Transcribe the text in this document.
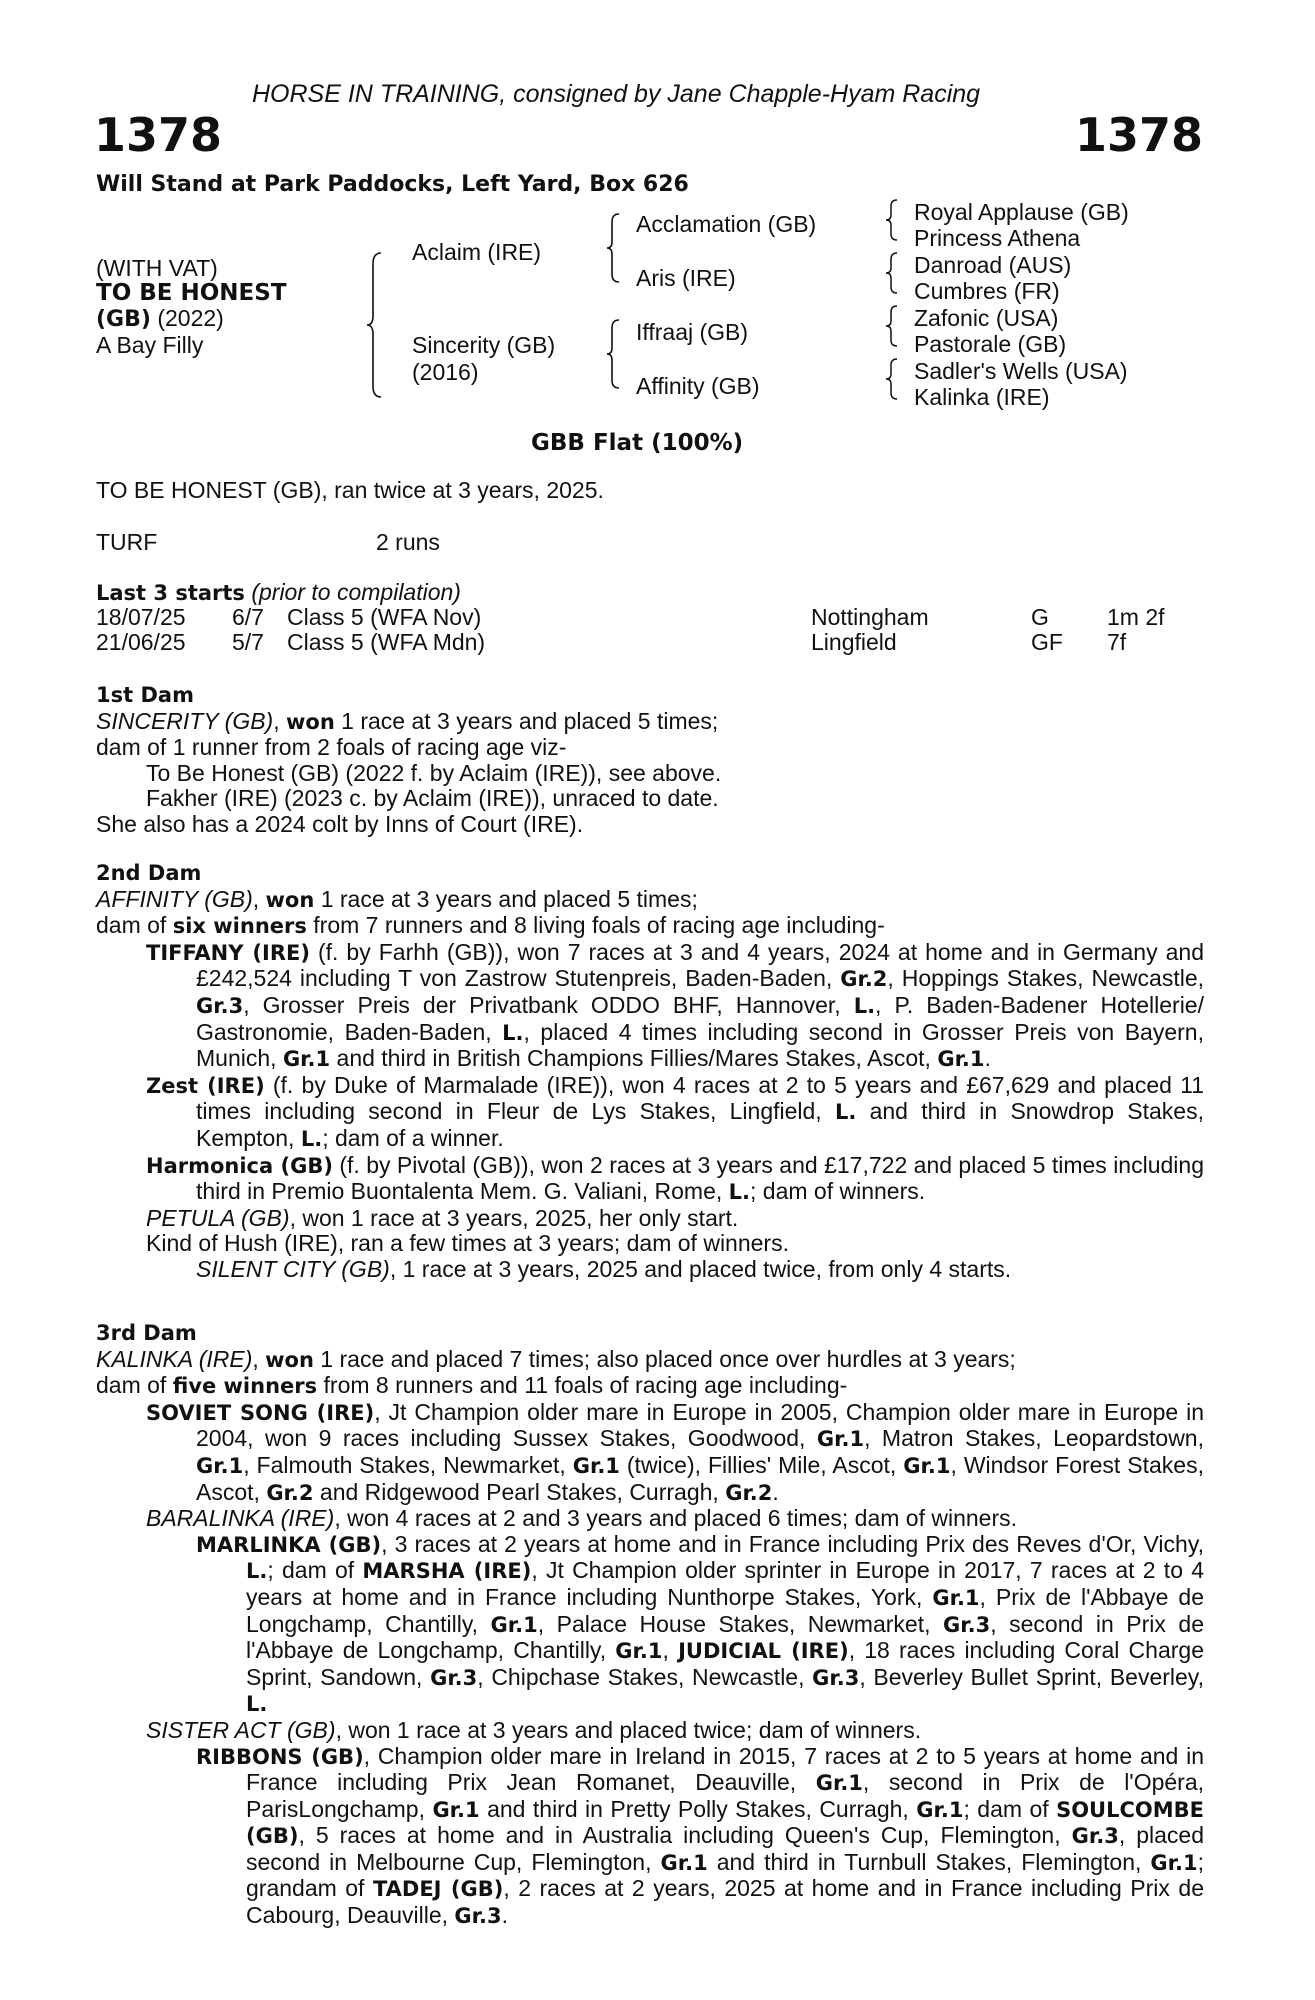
HORSE IN TRAINING, consigned by Jane Chapple-Hyam Racing
1378	1378
Will Stand at Park Paddocks, Left Yard, Box 626
(WITH VAT)
TO BE HONEST
(GB) (2022)
A Bay Filly
Aclaim (IRE)
Sincerity (GB)
(2016)
Acclamation (GB)
Aris (IRE)
Iffraaj (GB)
Affinity (GB)
Royal Applause (GB)
Princess Athena
Danroad (AUS)
Cumbres (FR)
Zafonic (USA)
Pastorale (GB)
Sadler's Wells (USA)
Kalinka (IRE)
GBB Flat (100%)
TO BE HONEST (GB), ran twice at 3 years, 2025.
TURF	2 runs
Last 3 starts (prior to compilation)
18/07/25 6/7 Class 5 (WFA Nov)	Nottingham	G	1m 2f
21/06/25 5/7 Class 5 (WFA Mdn)	Lingfield	GF 7f
1st Dam

SINCERITY (GB), won 1 race at 3 years and placed 5 times;

dam of 1 runner from 2 foals of racing age viz-

To Be Honest (GB) (2022 f. by Aclaim (IRE)), see above.

Fakher (IRE) (2023 c. by Aclaim (IRE)), unraced to date.

She also has a 2024 colt by Inns of Court (IRE).

2nd Dam

AFFINITY (GB), won 1 race at 3 years and placed 5 times;

dam of six winners from 7 runners and 8 living foals of racing age including-

TIFFANY (IRE) (f. by Farhh (GB)), won 7 races at 3 and 4 years, 2024 at home and in Germany and £242,524 including T von Zastrow Stutenpreis, Baden-Baden, Gr.2, Hoppings Stakes, Newcastle, Gr.3, Grosser Preis der Privatbank ODDO BHF, Hannover, L., P. Baden-Badener Hotellerie/ Gastronomie, Baden-Baden, L., placed 4 times including second in Grosser Preis von Bayern, Munich, Gr.1 and third in British Champions Fillies/Mares Stakes, Ascot, Gr.1.

Zest (IRE) (f. by Duke of Marmalade (IRE)), won 4 races at 2 to 5 years and £67,629 and placed 11 times including second in Fleur de Lys Stakes, Lingfield, L. and third in Snowdrop Stakes, Kempton, L.; dam of a winner.

Harmonica (GB) (f. by Pivotal (GB)), won 2 races at 3 years and £17,722 and placed 5 times including third in Premio Buontalenta Mem. G. Valiani, Rome, L.; dam of winners.

PETULA (GB), won 1 race at 3 years, 2025, her only start.

Kind of Hush (IRE), ran a few times at 3 years; dam of winners.

SILENT CITY (GB), 1 race at 3 years, 2025 and placed twice, from only 4 starts.

3rd Dam

KALINKA (IRE), won 1 race and placed 7 times; also placed once over hurdles at 3 years;

dam of five winners from 8 runners and 11 foals of racing age including-

SOVIET SONG (IRE), Jt Champion older mare in Europe in 2005, Champion older mare in Europe in 2004, won 9 races including Sussex Stakes, Goodwood, Gr.1, Matron Stakes, Leopardstown, Gr.1, Falmouth Stakes, Newmarket, Gr.1 (twice), Fillies' Mile, Ascot, Gr.1, Windsor Forest Stakes, Ascot, Gr.2 and Ridgewood Pearl Stakes, Curragh, Gr.2.

BARALINKA (IRE), won 4 races at 2 and 3 years and placed 6 times; dam of winners.

MARLINKA (GB), 3 races at 2 years at home and in France including Prix des Reves d'Or, Vichy, L.; dam of MARSHA (IRE), Jt Champion older sprinter in Europe in 2017, 7 races at 2 to 4 years at home and in France including Nunthorpe Stakes, York, Gr.1, Prix de l'Abbaye de Longchamp, Chantilly, Gr.1, Palace House Stakes, Newmarket, Gr.3, second in Prix de l'Abbaye de Longchamp, Chantilly, Gr.1, JUDICIAL (IRE), 18 races including Coral Charge Sprint, Sandown, Gr.3, Chipchase Stakes, Newcastle, Gr.3, Beverley Bullet Sprint, Beverley, L.

SISTER ACT (GB), won 1 race at 3 years and placed twice; dam of winners.

RIBBONS (GB), Champion older mare in Ireland in 2015, 7 races at 2 to 5 years at home and in France including Prix Jean Romanet, Deauville, Gr.1, second in Prix de l'Opéra, ParisLongchamp, Gr.1 and third in Pretty Polly Stakes, Curragh, Gr.1; dam of SOULCOMBE (GB), 5 races at home and in Australia including Queen's Cup, Flemington, Gr.3, placed second in Melbourne Cup, Flemington, Gr.1 and third in Turnbull Stakes, Flemington, Gr.1; grandam of TADEJ (GB), 2 races at 2 years, 2025 at home and in France including Prix de Cabourg, Deauville, Gr.3.
